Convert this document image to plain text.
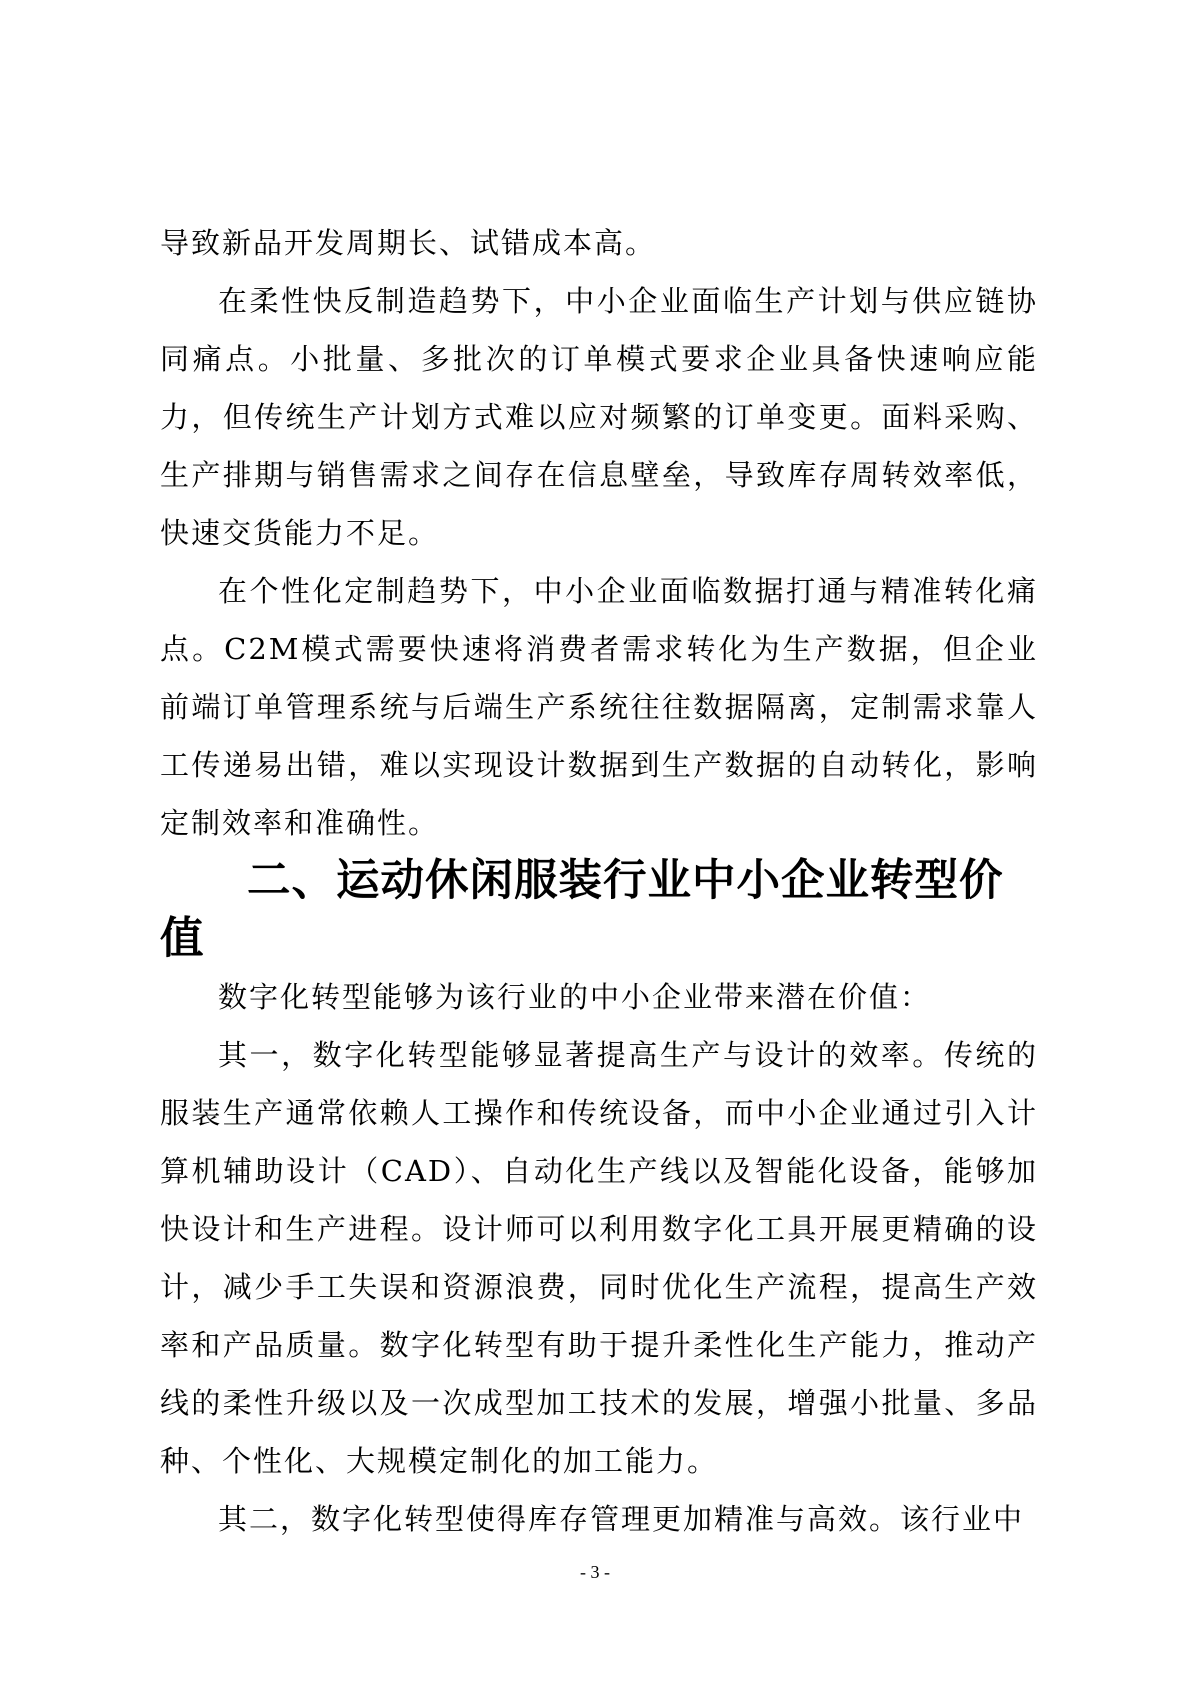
导致新品开发周期长、试错成本高。

在柔性快反制造趋势下，中小企业面临生产计划与供应链协同痛点。小批量、多批次的订单模式要求企业具备快速响应能力，但传统生产计划方式难以应对频繁的订单变更。面料采购、生产排期与销售需求之间存在信息壁垒，导致库存周转效率低，快速交货能力不足。

在个性化定制趋势下，中小企业面临数据打通与精准转化痛点。C2M模式需要快速将消费者需求转化为生产数据，但企业前端订单管理系统与后端生产系统往往数据隔离，定制需求靠人工传递易出错，难以实现设计数据到生产数据的自动转化，影响定制效率和准确性。

二、运动休闲服装行业中小企业转型价值

数字化转型能够为该行业的中小企业带来潜在价值：

其一，数字化转型能够显著提高生产与设计的效率。传统的服装生产通常依赖人工操作和传统设备，而中小企业通过引入计算机辅助设计（CAD）、自动化生产线以及智能化设备，能够加快设计和生产进程。设计师可以利用数字化工具开展更精确的设计，减少手工失误和资源浪费，同时优化生产流程，提高生产效率和产品质量。数字化转型有助于提升柔性化生产能力，推动产线的柔性升级以及一次成型加工技术的发展，增强小批量、多品种、个性化、大规模定制化的加工能力。

其二，数字化转型使得库存管理更加精准与高效。该行业中

- 3 -
